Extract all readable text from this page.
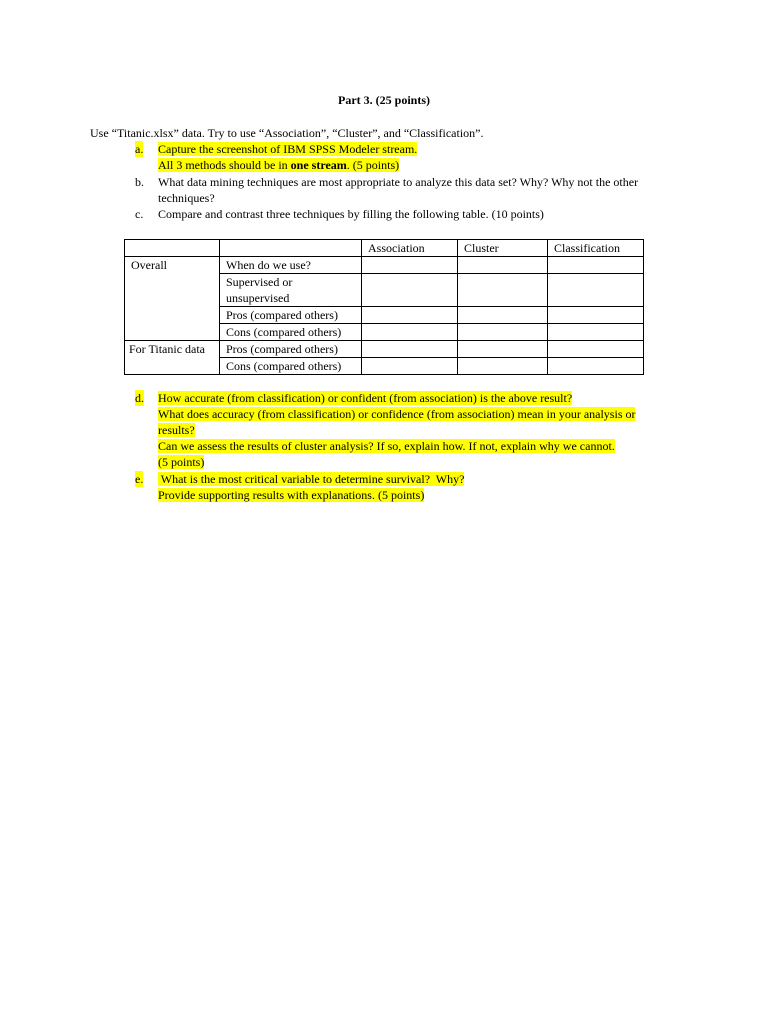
Part 3. (25 points)
Use “Titanic.xlsx” data. Try to use “Association”, “Cluster”, and “Classification”.
a. Capture the screenshot of IBM SPSS Modeler stream.
All 3 methods should be in one stream. (5 points)
b. What data mining techniques are most appropriate to analyze this data set? Why? Why not the other techniques?
c. Compare and contrast three techniques by filling the following table. (10 points)
		Association	Cluster	Classification
Overall	When do we use?			
	Supervised or unsupervised			
	Pros (compared others)			
	Cons (compared others)			
For Titanic data	Pros (compared others)			
	Cons (compared others)			
d. How accurate (from classification) or confident (from association) is the above result?
What does accuracy (from classification) or confidence (from association) mean in your analysis or results?
Can we assess the results of cluster analysis? If so, explain how. If not, explain why we cannot.
(5 points)
e. What is the most critical variable to determine survival?  Why?
Provide supporting results with explanations. (5 points)
